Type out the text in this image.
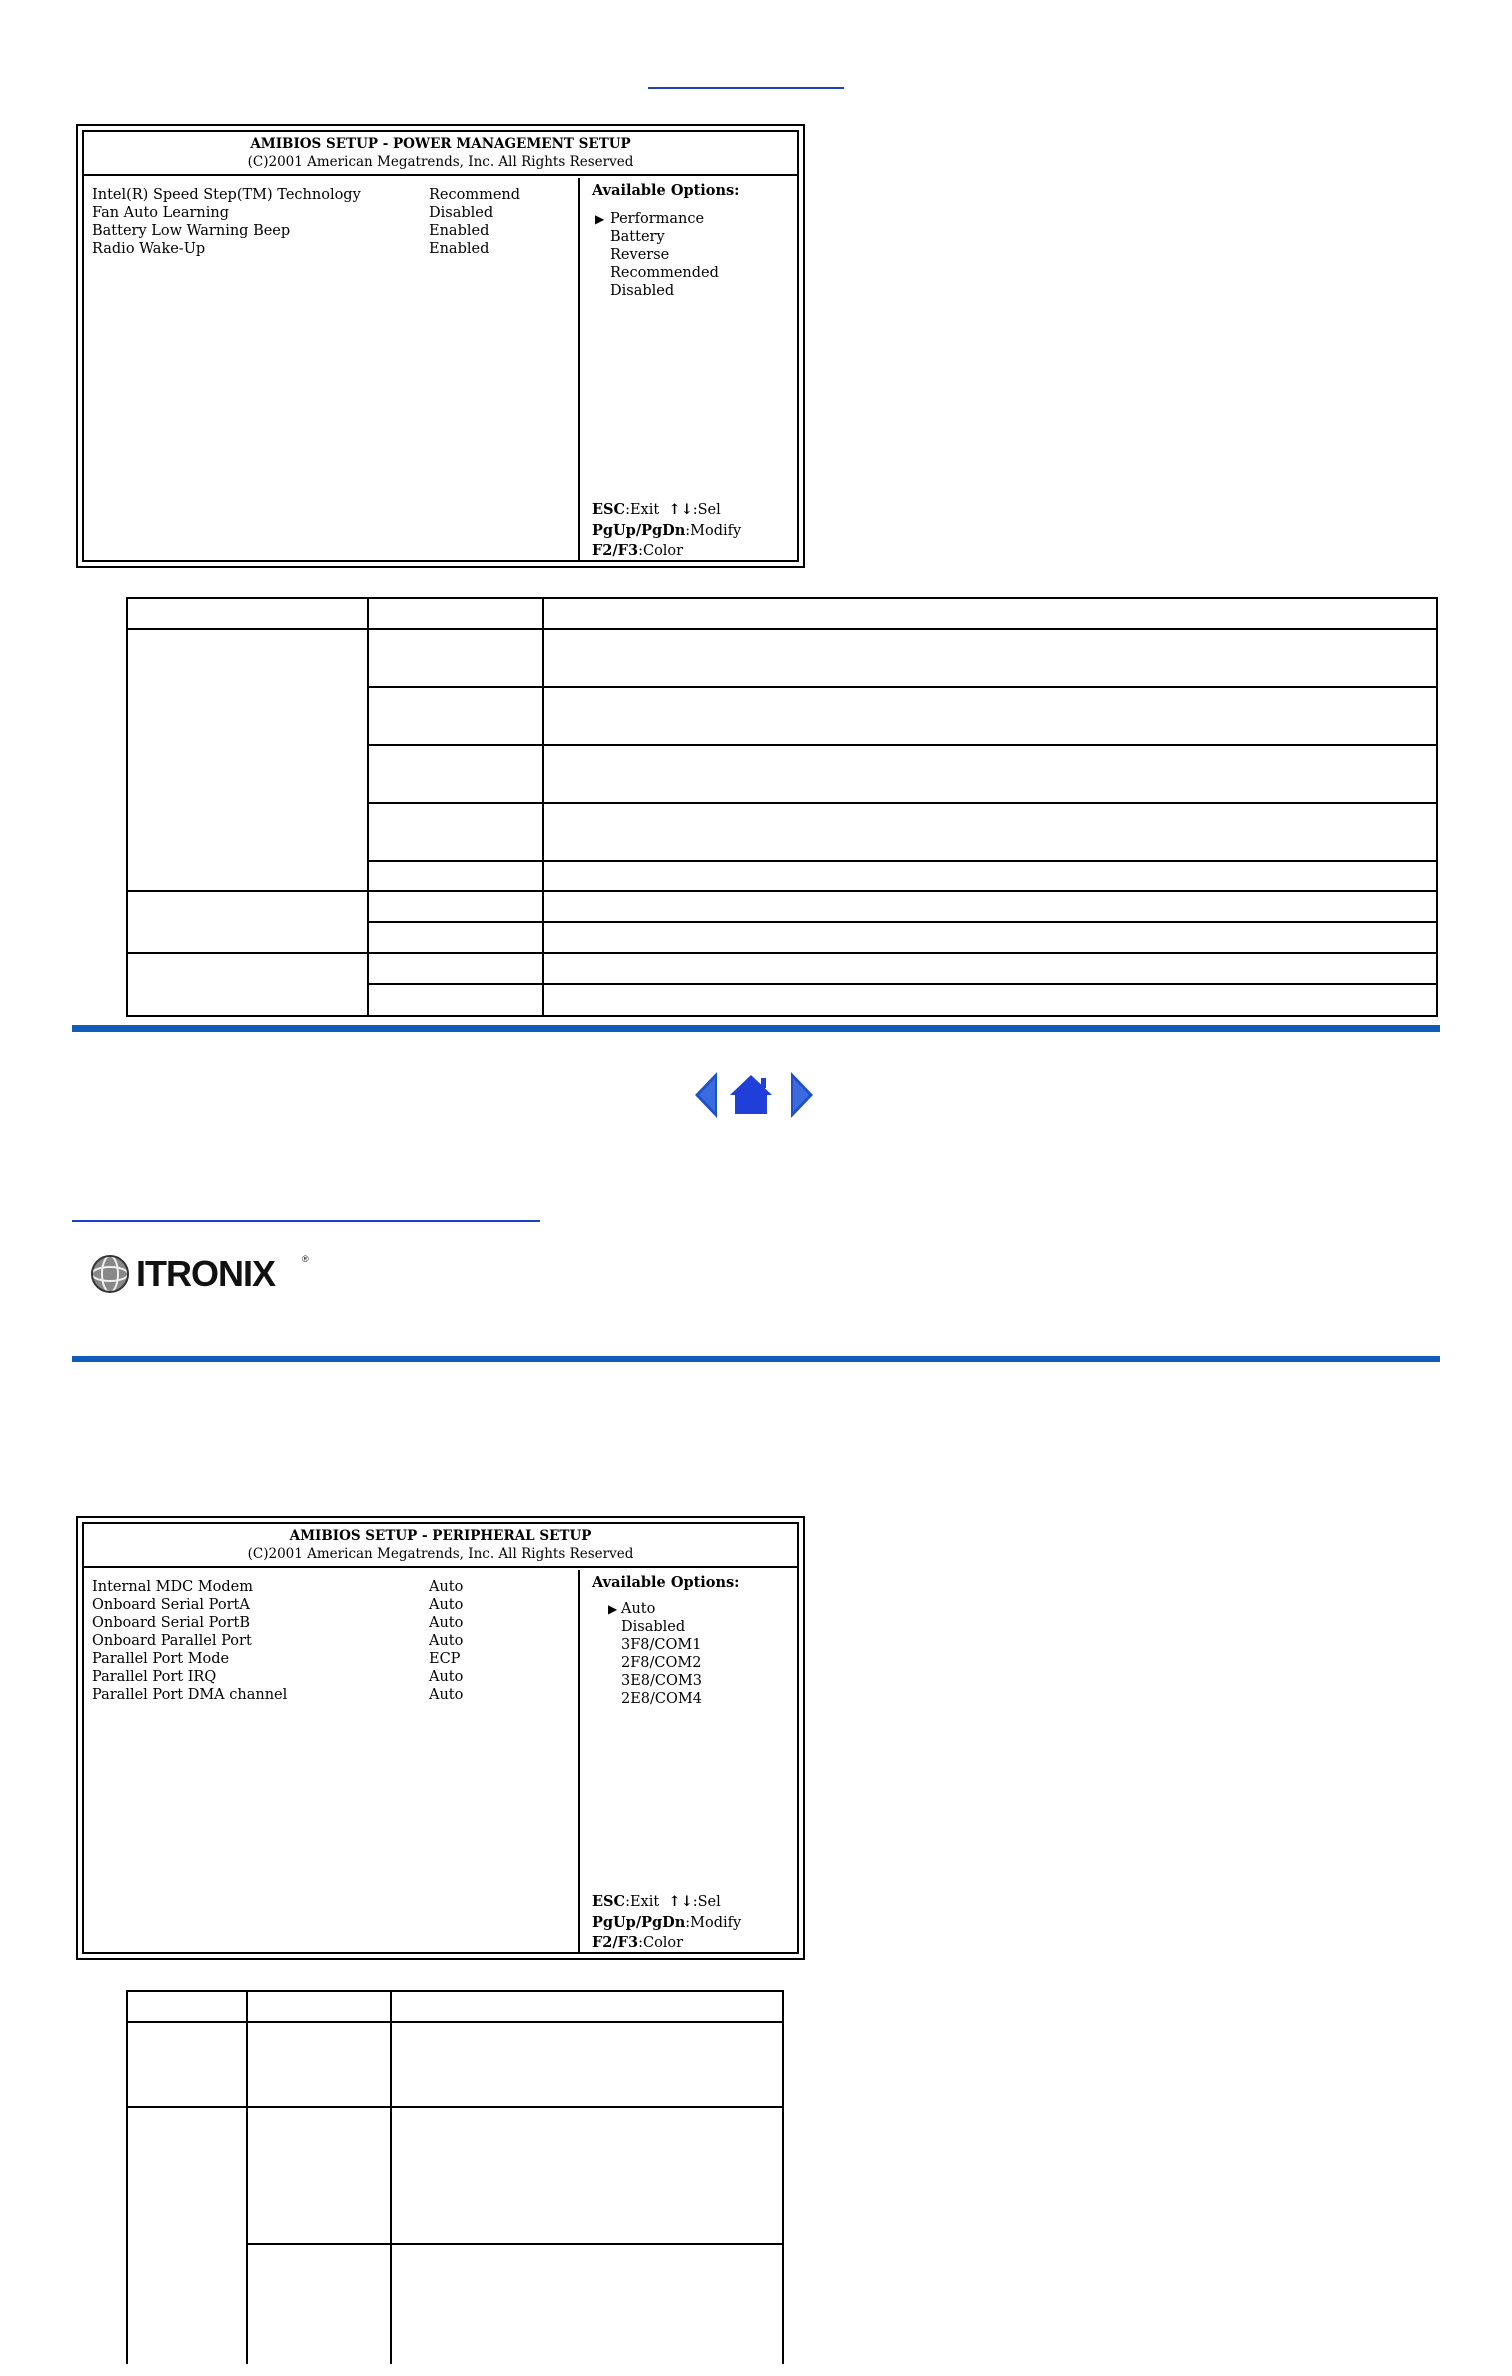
AMIBIOS SETUP - POWER MANAGEMENT SETUP
(C)2001 American Megatrends, Inc. All Rights Reserved
Intel(R) Speed Step(TM) Technology	Recommend
Fan Auto Learning	Disabled
Battery Low Warning Beep	Enabled
Radio Wake-Up	Enabled
Available Options:
▶ Performance
Battery
Reverse
Recommended
Disabled
ESC:Exit ↑↓:Sel
PgUp/PgDn:Modify
F2/F3:Color

ITRONIX	®
AMIBIOS SETUP - PERIPHERAL SETUP
(C)2001 American Megatrends, Inc. All Rights Reserved
Internal MDC Modem	Auto
Onboard Serial PortA	Auto
Onboard Serial PortB	Auto
Onboard Parallel Port	Auto
Parallel Port Mode	ECP
Parallel Port IRQ	Auto
Parallel Port DMA channel	Auto
Available Options:
▶ Auto
Disabled
3F8/COM1
2F8/COM2
3E8/COM3
2E8/COM4
ESC:Exit ↑↓:Sel
PgUp/PgDn:Modify
F2/F3:Color
